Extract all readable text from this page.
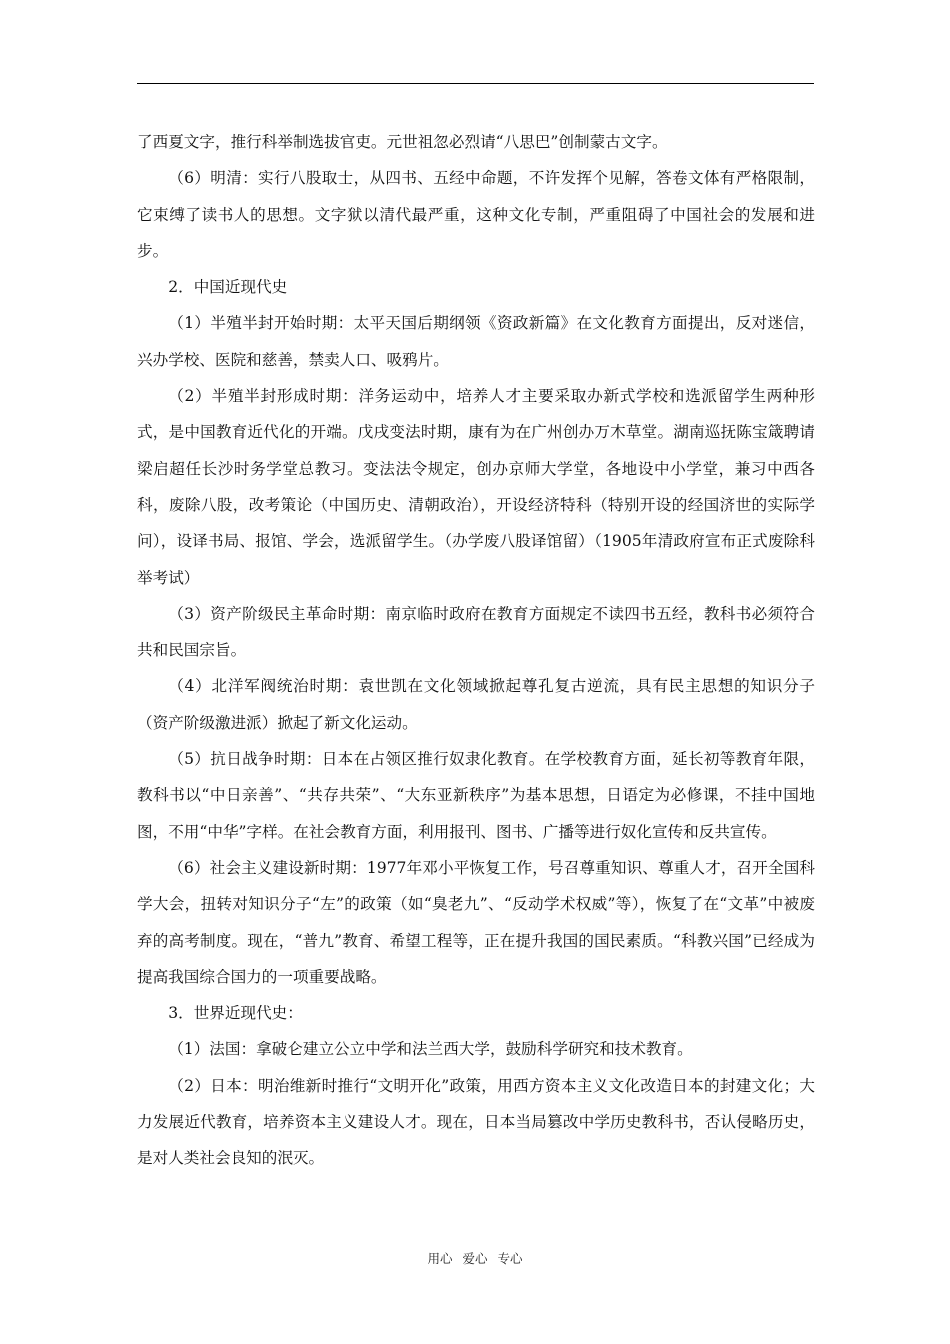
了西夏文字，推行科举制选拔官吏。元世祖忽必烈请“八思巴”创制蒙古文字。

（6）明清：实行八股取士，从四书、五经中命题，不许发挥个见解，答卷文体有严格限制，它束缚了读书人的思想。文字狱以清代最严重，这种文化专制，严重阻碍了中国社会的发展和进步。

2．中国近现代史

（1）半殖半封开始时期：太平天国后期纲领《资政新篇》在文化教育方面提出，反对迷信，兴办学校、医院和慈善，禁卖人口、吸鸦片。

（2）半殖半封形成时期：洋务运动中，培养人才主要采取办新式学校和选派留学生两种形式，是中国教育近代化的开端。戊戌变法时期，康有为在广州创办万木草堂。湖南巡抚陈宝箴聘请梁启超任长沙时务学堂总教习。变法法令规定，创办京师大学堂，各地设中小学堂，兼习中西各科，废除八股，改考策论（中国历史、清朝政治），开设经济特科（特别开设的经国济世的实际学问），设译书局、报馆、学会，选派留学生。（办学废八股译馆留）（1905年清政府宣布正式废除科举考试）

（3）资产阶级民主革命时期：南京临时政府在教育方面规定不读四书五经，教科书必须符合共和民国宗旨。

（4）北洋军阀统治时期：袁世凯在文化领域掀起尊孔复古逆流，具有民主思想的知识分子（资产阶级激进派）掀起了新文化运动。

（5）抗日战争时期：日本在占领区推行奴隶化教育。在学校教育方面，延长初等教育年限，教科书以“中日亲善”、“共存共荣”、“大东亚新秩序”为基本思想，日语定为必修课，不挂中国地图，不用“中华”字样。在社会教育方面，利用报刊、图书、广播等进行奴化宣传和反共宣传。

（6）社会主义建设新时期：1977年邓小平恢复工作，号召尊重知识、尊重人才，召开全国科学大会，扭转对知识分子“左”的政策（如“臭老九”、“反动学术权威”等），恢复了在“文革”中被废弃的高考制度。现在，“普九”教育、希望工程等，正在提升我国的国民素质。“科教兴国”已经成为提高我国综合国力的一项重要战略。

3．世界近现代史：

（1）法国：拿破仑建立公立中学和法兰西大学，鼓励科学研究和技术教育。

（2）日本：明治维新时推行“文明开化”政策，用西方资本主义文化改造日本的封建文化；大力发展近代教育，培养资本主义建设人才。现在，日本当局篡改中学历史教科书，否认侵略历史，是对人类社会良知的泯灭。

用心 爱心 专心
